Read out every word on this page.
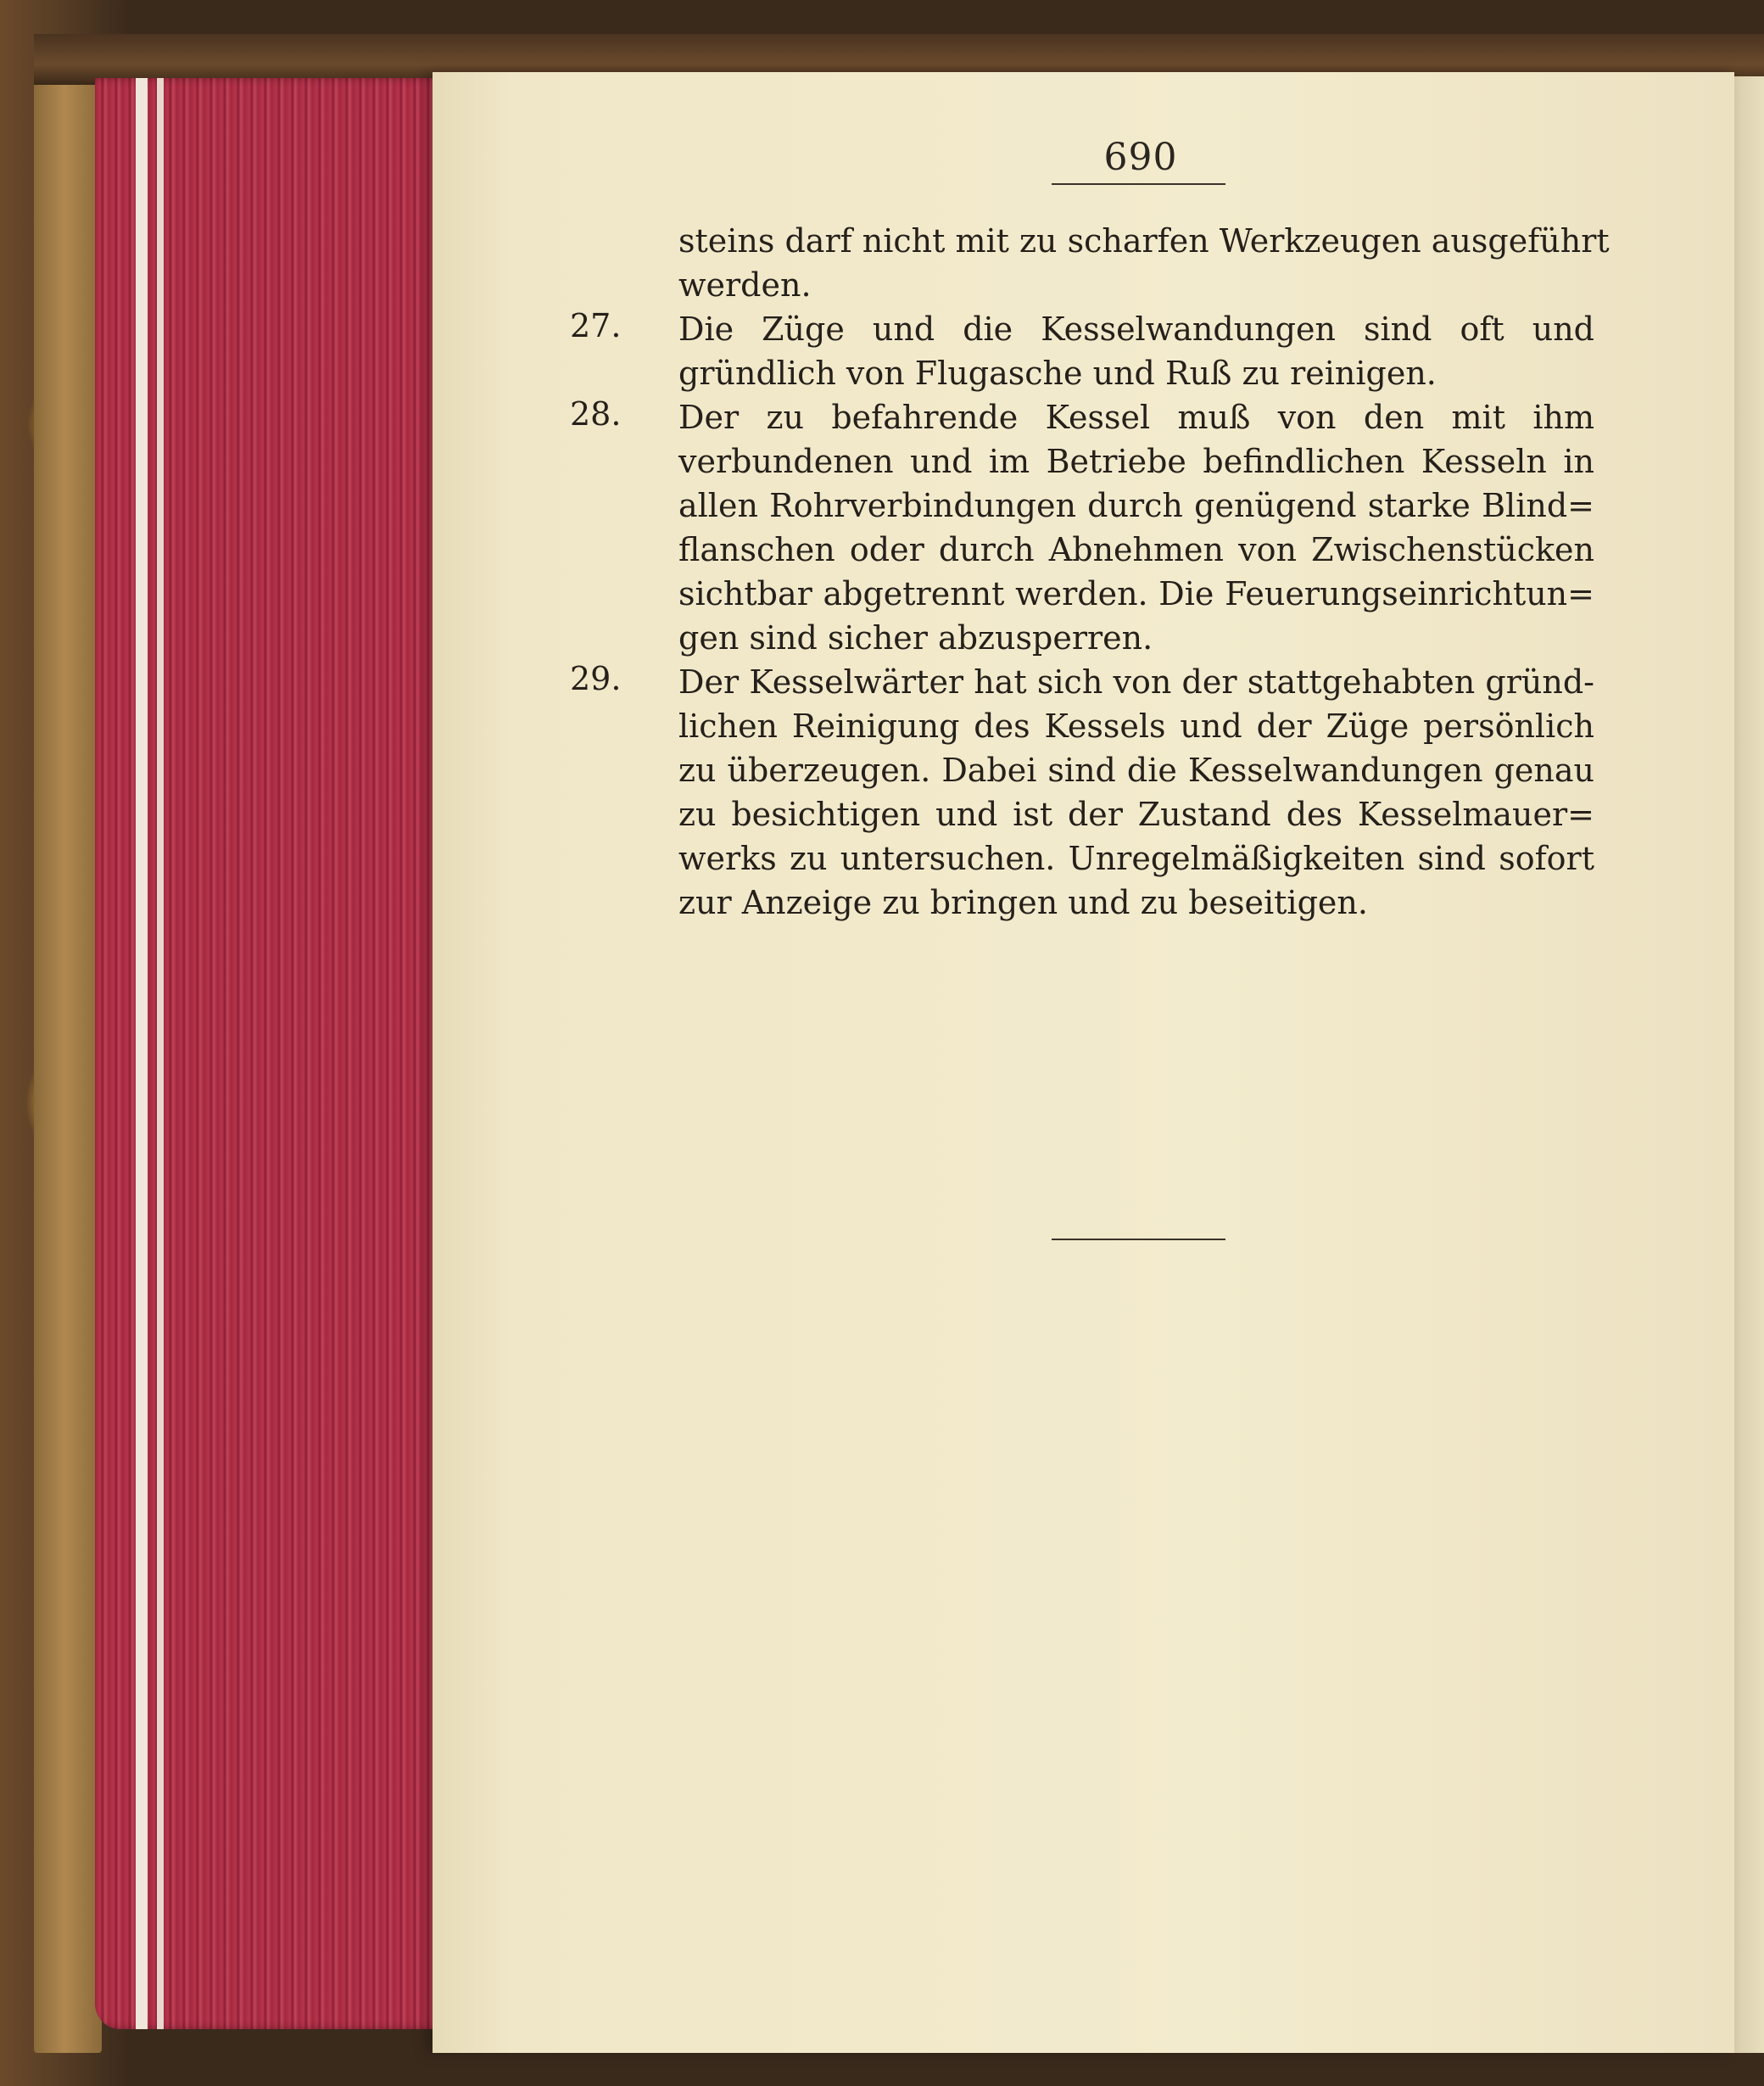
690
steins darf nicht mit zu scharfen Werkzeugen ausgeführt
werden.
27.	Die Züge und die Kesselwandungen sind oft und
gründlich von Flugasche und Ruß zu reinigen.
28.	Der zu befahrende Kessel muß von den mit ihm
verbundenen und im Betriebe befindlichen Kesseln in
allen Rohrverbindungen durch genügend starke Blind=
flanschen oder durch Abnehmen von Zwischenstücken
sichtbar abgetrennt werden. Die Feuerungseinrichtun=
gen sind sicher abzusperren.
29.	Der Kesselwärter hat sich von der stattgehabten gründ-
lichen Reinigung des Kessels und der Züge persönlich
zu überzeugen. Dabei sind die Kesselwandungen genau
zu besichtigen und ist der Zustand des Kesselmauer=
werks zu untersuchen. Unregelmäßigkeiten sind sofort
zur Anzeige zu bringen und zu beseitigen.
